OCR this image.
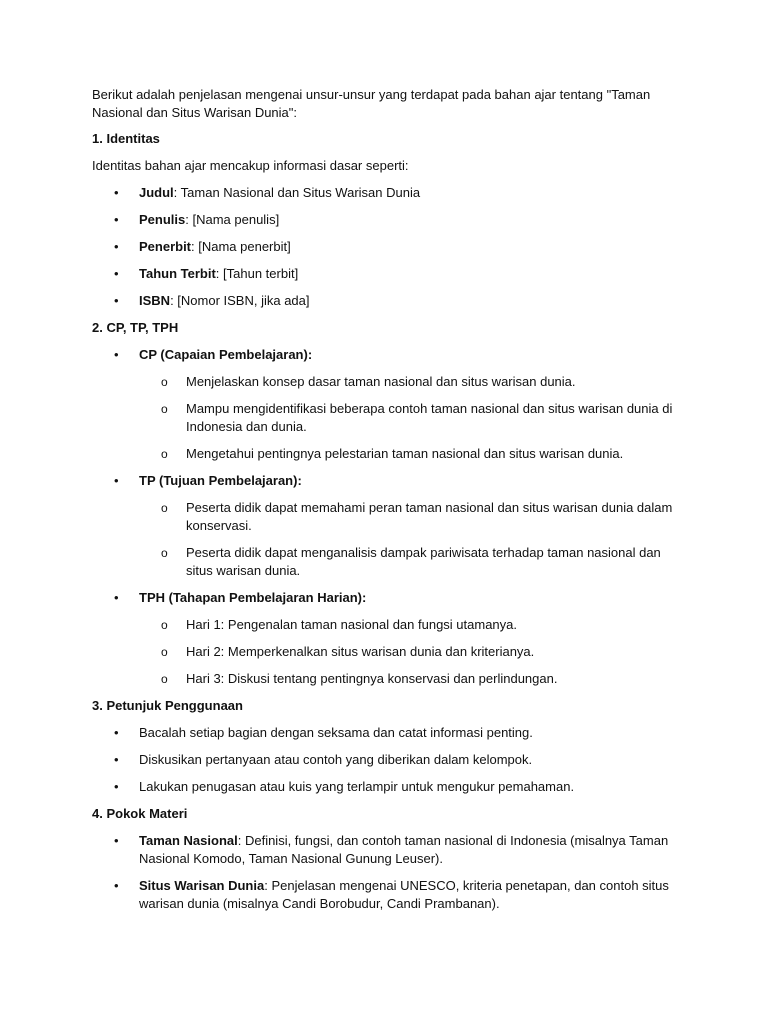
Berikut adalah penjelasan mengenai unsur-unsur yang terdapat pada bahan ajar tentang "Taman Nasional dan Situs Warisan Dunia":

1. Identitas

Identitas bahan ajar mencakup informasi dasar seperti:

• Judul: Taman Nasional dan Situs Warisan Dunia
• Penulis: [Nama penulis]
• Penerbit: [Nama penerbit]
• Tahun Terbit: [Tahun terbit]
• ISBN: [Nomor ISBN, jika ada]

2. CP, TP, TPH

• CP (Capaian Pembelajaran):
o Menjelaskan konsep dasar taman nasional dan situs warisan dunia.
o Mampu mengidentifikasi beberapa contoh taman nasional dan situs warisan dunia di Indonesia dan dunia.
o Mengetahui pentingnya pelestarian taman nasional dan situs warisan dunia.
• TP (Tujuan Pembelajaran):
o Peserta didik dapat memahami peran taman nasional dan situs warisan dunia dalam konservasi.
o Peserta didik dapat menganalisis dampak pariwisata terhadap taman nasional dan situs warisan dunia.
• TPH (Tahapan Pembelajaran Harian):
o Hari 1: Pengenalan taman nasional dan fungsi utamanya.
o Hari 2: Memperkenalkan situs warisan dunia dan kriterianya.
o Hari 3: Diskusi tentang pentingnya konservasi dan perlindungan.

3. Petunjuk Penggunaan

• Bacalah setiap bagian dengan seksama dan catat informasi penting.
• Diskusikan pertanyaan atau contoh yang diberikan dalam kelompok.
• Lakukan penugasan atau kuis yang terlampir untuk mengukur pemahaman.

4. Pokok Materi

• Taman Nasional: Definisi, fungsi, dan contoh taman nasional di Indonesia (misalnya Taman Nasional Komodo, Taman Nasional Gunung Leuser).
• Situs Warisan Dunia: Penjelasan mengenai UNESCO, kriteria penetapan, dan contoh situs warisan dunia (misalnya Candi Borobudur, Candi Prambanan).
